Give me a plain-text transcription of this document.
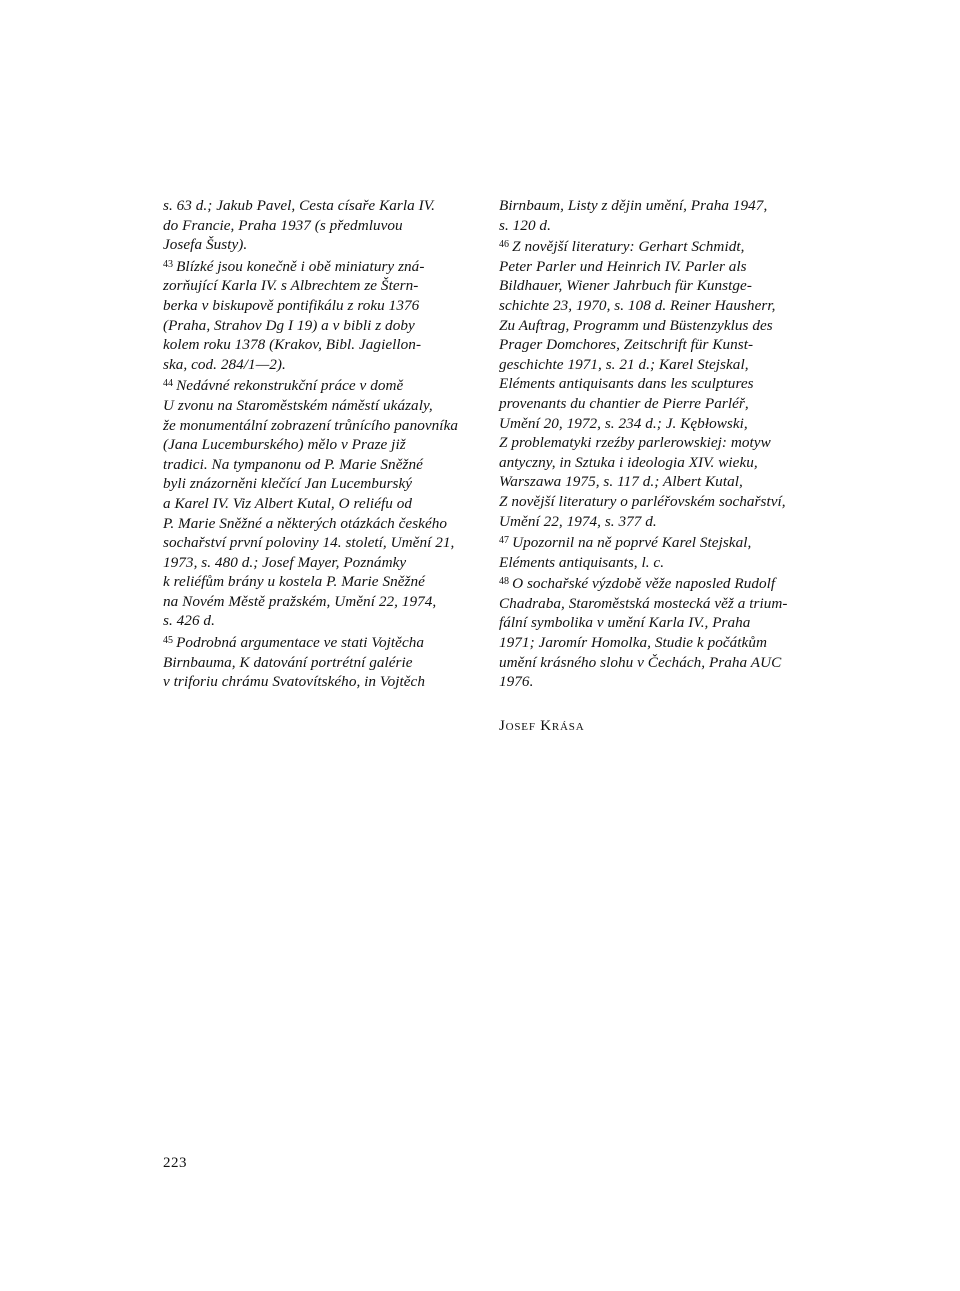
s. 63 d.; Jakub Pavel, Cesta císaře Karla IV.
do Francie, Praha 1937 (s předmluvou
Josefa Šusty).
$^{43}$ Blízké jsou konečně i obě miniatury zná-
zorňující Karla IV. s Albrechtem ze Štern-
berka v biskupově pontifikálu z roku 1376
(Praha, Strahov Dg I 19) a v bibli z doby
kolem roku 1378 (Krakov, Bibl. Jagiellon-
ska, cod. 284/1—2).
$^{44}$ Nedávné rekonstrukční práce v domě
U zvonu na Staroměstském náměstí ukázaly,
že monumentální zobrazení trůnícího panovníka
(Jana Lucemburského) mělo v Praze již
tradici. Na tympanonu od P. Marie Sněžné
byli znázorněni klečící Jan Lucemburský
a Karel IV. Viz Albert Kutal, O reliéfu od
P. Marie Sněžné a některých otázkách českého
sochařství první poloviny 14. století, Umění 21,
1973, s. 480 d.; Josef Mayer, Poznámky
k reliéfům brány u kostela P. Marie Sněžné
na Novém Městě pražském, Umění 22, 1974,
s. 426 d.
$^{45}$ Podrobná argumentace ve stati Vojtěcha
Birnbauma, K datování portrétní galérie
v triforiu chrámu Svatovítského, in Vojtěch
Birnbaum, Listy z dějin umění, Praha 1947,
s. 120 d.
$^{46}$ Z novější literatury: Gerhart Schmidt,
Peter Parler und Heinrich IV. Parler als
Bildhauer, Wiener Jahrbuch für Kunstge-
schichte 23, 1970, s. 108 d. Reiner Hausherr,
Zu Auftrag, Programm und Büstenzyklus des
Prager Domchores, Zeitschrift für Kunst-
geschichte 1971, s. 21 d.; Karel Stejskal,
Eléments antiquisants dans les sculptures
provenants du chantier de Pierre Parléř,
Umění 20, 1972, s. 234 d.; J. Kębłowski,
Z problematyki rzeźby parlerowskiej: motyw
antyczny, in Sztuka i ideologia XIV. wieku,
Warszawa 1975, s. 117 d.; Albert Kutal,
Z novější literatury o parléřovském sochařství,
Umění 22, 1974, s. 377 d.
$^{47}$ Upozornil na ně poprvé Karel Stejskal,
Eléments antiquisants, l. c.
$^{48}$ O sochařské výzdobě věže naposled Rudolf
Chadraba, Staroměstská mostecká věž a trium-
fální symbolika v umění Karla IV., Praha
1971; Jaromír Homolka, Studie k počátkům
umění krásného slohu v Čechách, Praha AUC
1976.
Josef Krása
223
